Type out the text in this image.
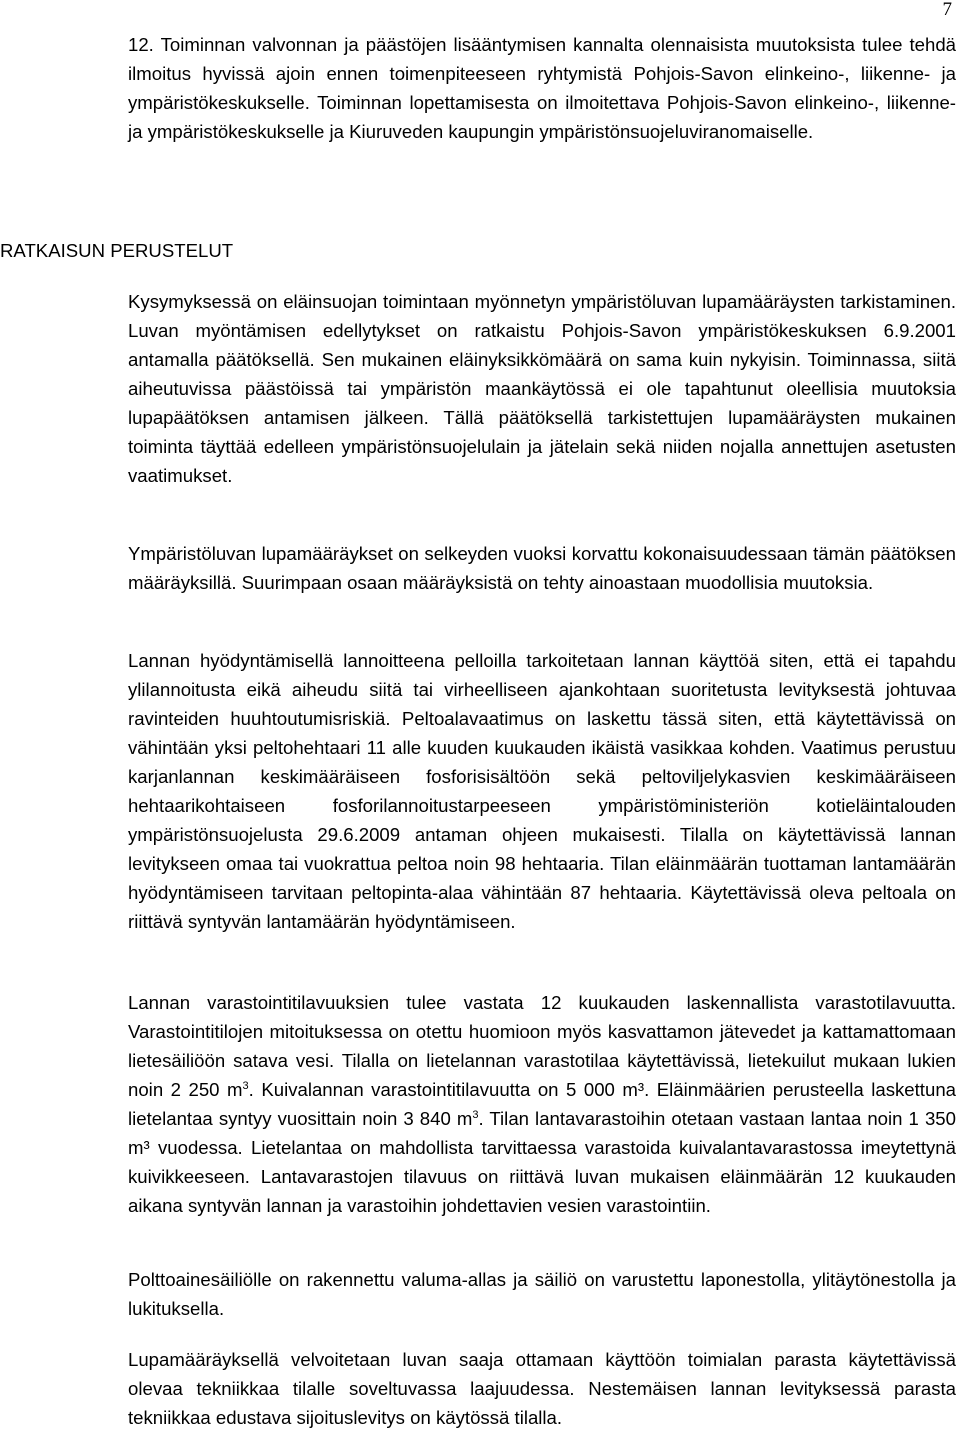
7

12. Toiminnan valvonnan ja päästöjen lisääntymisen kannalta olennaisista muutoksista tulee tehdä ilmoitus hyvissä ajoin ennen toimenpiteeseen ryhtymistä Pohjois-Savon elinkeino-, liikenne- ja ympäristökeskukselle. Toiminnan lopettamisesta on ilmoitettava Pohjois-Savon elinkeino-, liikenne- ja ympäristökeskukselle ja Kiuruveden kaupungin ympäristönsuojeluviranomaiselle.

RATKAISUN PERUSTELUT

Kysymyksessä on eläinsuojan toimintaan myönnetyn ympäristöluvan lupamääräysten tarkistaminen. Luvan myöntämisen edellytykset on ratkaistu Pohjois-Savon ympäristökeskuksen 6.9.2001 antamalla päätöksellä. Sen mukainen eläinyksikkömäärä on sama kuin nykyisin. Toiminnassa, siitä aiheutuvissa päästöissä tai ympäristön maankäytössä ei ole tapahtunut oleellisia muutoksia lupapäätöksen antamisen jälkeen. Tällä päätöksellä tarkistettujen lupamääräysten mukainen toiminta täyttää edelleen ympäristönsuojelulain ja jätelain sekä niiden nojalla annettujen asetusten vaatimukset.

Ympäristöluvan lupamääräykset on selkeyden vuoksi korvattu kokonaisuudessaan tämän päätöksen määräyksillä. Suurimpaan osaan määräyksistä on tehty ainoastaan muodollisia muutoksia.

Lannan hyödyntämisellä lannoitteena pelloilla tarkoitetaan lannan käyttöä siten, että ei tapahdu ylilannoitusta eikä aiheudu siitä tai virheelliseen ajankohtaan suoritetusta levityksestä johtuvaa ravinteiden huuhtoutumisriskiä. Peltoalavaatimus on laskettu tässä siten, että käytettävissä on vähintään yksi peltohehtaari 11 alle kuuden kuukauden ikäistä vasikkaa kohden. Vaatimus perustuu karjanlannan keskimääräiseen fosforisisältöön sekä peltoviljelykasvien keskimääräiseen hehtaarikohtaiseen fosforilannoitustarpeeseen ympäristöministeriön kotieläintalouden ympäristönsuojelusta 29.6.2009 antaman ohjeen mukaisesti. Tilalla on käytettävissä lannan levitykseen omaa tai vuokrattua peltoa noin 98 hehtaaria. Tilan eläinmäärän tuottaman lantamäärän hyödyntämiseen tarvitaan peltopinta-alaa vähintään 87 hehtaaria. Käytettävissä oleva peltoala on riittävä syntyvän lantamäärän hyödyntämiseen.

Lannan varastointitilavuuksien tulee vastata 12 kuukauden laskennallista varastotilavuutta. Varastointitilojen mitoituksessa on otettu huomioon myös kasvattamon jätevedet ja kattamattomaan lietesäiliöön satava vesi. Tilalla on lietelannan varastotilaa käytettävissä, lietekuilut mukaan lukien noin 2 250 $m^3$. Kuivalannan varastointitilavuutta on 5 000 m³. Eläinmäärien perusteella laskettuna lietelantaa syntyy vuosittain noin 3 840 $m^3$. Tilan lantavarastoihin otetaan vastaan lantaa noin 1 350 m³ vuodessa. Lietelantaa on mahdollista tarvittaessa varastoida kuivalantavarastossa imeytettynä kuivikkeeseen. Lantavarastojen tilavuus on riittävä luvan mukaisen eläinmäärän 12 kuukauden aikana syntyvän lannan ja varastoihin johdettavien vesien varastointiin.

Polttoainesäiliölle on rakennettu valuma-allas ja säiliö on varustettu laponestolla, ylitäytönestolla ja lukituksella.

Lupamääräyksellä velvoitetaan luvan saaja ottamaan käyttöön toimialan parasta käytettävissä olevaa tekniikkaa tilalle soveltuvassa laajuudessa. Nestemäisen lannan levityksessä parasta tekniikkaa edustava sijoituslevitys on käytössä tilalla.
